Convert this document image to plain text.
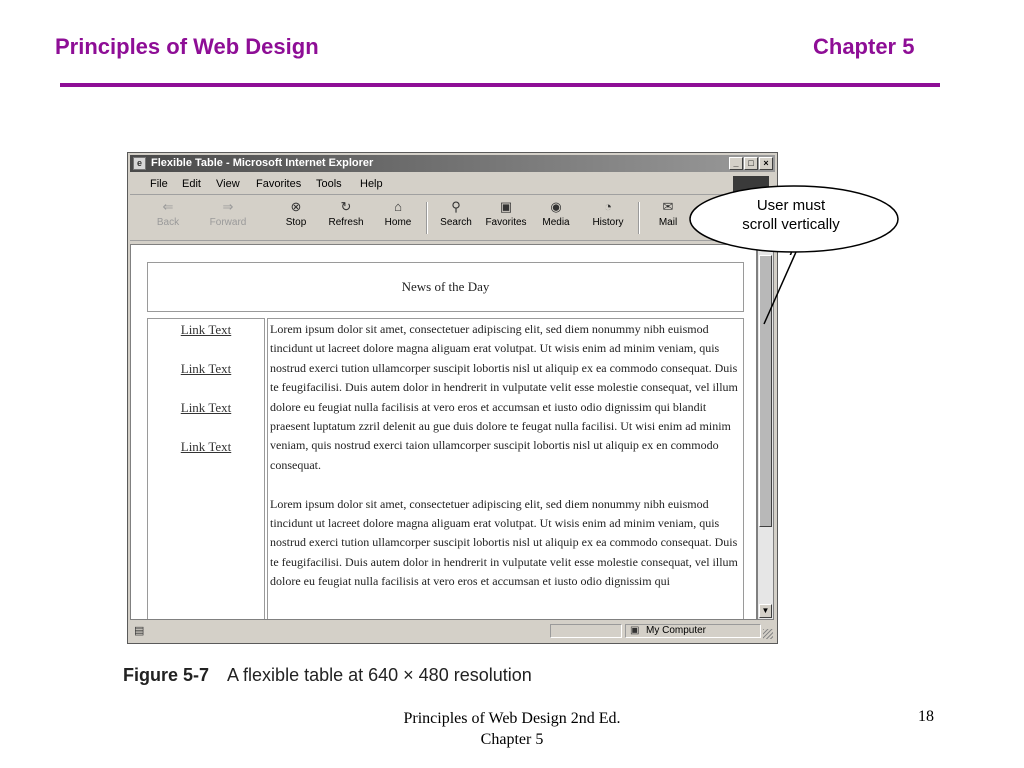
Principles of Web Design	Chapter 5
e Flexible Table - Microsoft Internet Explorer	_	□	×
File Edit View Favorites Tools Help
⇐
Back
⇒
Forward
⊗
Stop
↻
Refresh
⌂
Home
⚲
Search
▣
Favorites
◉
Media
◔
History
✉
Mail
News of the Day
Link Text
Link Text
Link Text
Link Text

Lorem ipsum dolor sit amet, consectetuer adipiscing elit, sed diem nonummy nibh euismod tincidunt ut lacreet dolore magna aliguam erat volutpat. Ut wisis enim ad minim veniam, quis nostrud exerci tution ullamcorper suscipit lobortis nisl ut aliquip ex ea commodo consequat. Duis te feugifacilisi. Duis autem dolor in hendrerit in vulputate velit esse molestie consequat, vel illum dolore eu feugiat nulla facilisis at vero eros et accumsan et iusto odio dignissim qui blandit praesent luptatum zzril delenit au gue duis dolore te feugat nulla facilisi. Ut wisi enim ad minim veniam, quis nostrud exerci taion ullamcorper suscipit lobortis nisl ut aliquip ex en commodo consequat.

Lorem ipsum dolor sit amet, consectetuer adipiscing elit, sed diem nonummy nibh euismod tincidunt ut lacreet dolore magna aliguam erat volutpat. Ut wisis enim ad minim veniam, quis nostrud exerci tution ullamcorper suscipit lobortis nisl ut aliquip ex ea commodo consequat. Duis te feugifacilisi. Duis autem dolor in hendrerit in vulputate velit esse molestie consequat, vel illum dolore eu feugiat nulla facilisis at vero eros et accumsan et iusto odio dignissim qui

▼
▤	▣ My Computer
User must
scroll vertically
Figure 5-7 A flexible table at 640 × 480 resolution
Principles of Web Design 2nd Ed.
Chapter 5
18
